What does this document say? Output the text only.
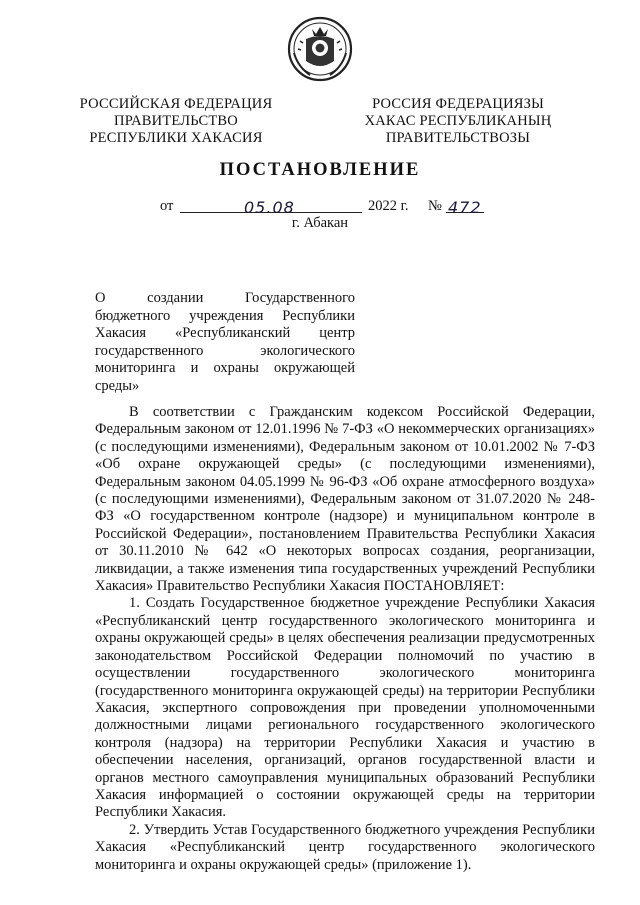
РОССИЙСКАЯ ФЕДЕРАЦИЯ
ПРАВИТЕЛЬСТВО
РЕСПУБЛИКИ ХАКАСИЯ
РОССИЯ ФЕДЕРАЦИЯЗЫ
ХАКАС РЕСПУБЛИКАНЫҢ
ПРАВИТЕЛЬСТВОЗЫ
ПОСТАНОВЛЕНИЕ
от	05.08	2022 г. № 472
г. Абакан
О создании Государственного бюджетного учреждения Республики Хакасия «Республиканский центр государственного экологического мониторинга и охраны окружающей среды»

В соответствии с Гражданским кодексом Российской Федерации, Федеральным законом от 12.01.1996 № 7-ФЗ «О некоммерческих организациях» (с последующими изменениями), Федеральным законом от 10.01.2002 № 7-ФЗ «Об охране окружающей среды» (с последующими изменениями), Федеральным законом 04.05.1999 № 96-ФЗ «Об охране атмосферного воздуха» (с последующими изменениями), Федеральным законом от 31.07.2020 № 248-ФЗ «О государственном контроле (надзоре) и муниципальном контроле в Российской Федерации», постановлением Правительства Республики Хакасия от 30.11.2010 № 642 «О некоторых вопросах создания, реорганизации, ликвидации, а также изменения типа государственных учреждений Республики Хакасия» Правительство Республики Хакасия ПОСТАНОВЛЯЕТ:

1. Создать Государственное бюджетное учреждение Республики Хакасия «Республиканский центр государственного экологического мониторинга и охраны окружающей среды» в целях обеспечения реализации предусмотренных законодательством Российской Федерации полномочий по участию в осуществлении государственного экологического мониторинга (государственного мониторинга окружающей среды) на территории Республики Хакасия, экспертного сопровождения при проведении уполномоченными должностными лицами регионального государственного экологического контроля (надзора) на территории Республики Хакасия и участию в обеспечении населения, организаций, органов государственной власти и органов местного самоуправления муниципальных образований Республики Хакасия информацией о состоянии окружающей среды на территории Республики Хакасия.

2. Утвердить Устав Государственного бюджетного учреждения Республики Хакасия «Республиканский центр государственного экологического мониторинга и охраны окружающей среды» (приложение 1).
